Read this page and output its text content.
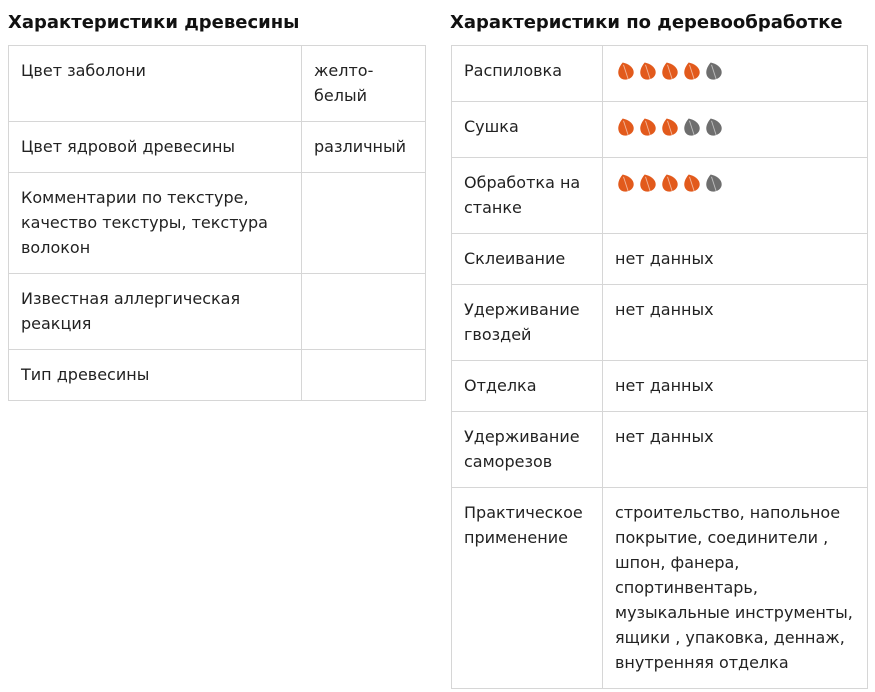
Характеристики древесины	Характеристики по деревообработке
Цвет заболони	желто-белый
Цвет ядровой древесины	различный
Комментарии по текстуре, качество текстуры, текстура волокон	
Известная аллергическая реакция	
Тип древесины	
Распиловка	

Сушка	

Обработка на станке	

Склеивание	нет данных
Удерживание гвоздей	нет данных
Отделка	нет данных
Удерживание саморезов	нет данных
Практическое применение	строительство, напольное покрытие, соединители , шпон, фанера, спортинвентарь, музыкальные инструменты, ящики , упаковка, деннаж, внутренняя отделка
